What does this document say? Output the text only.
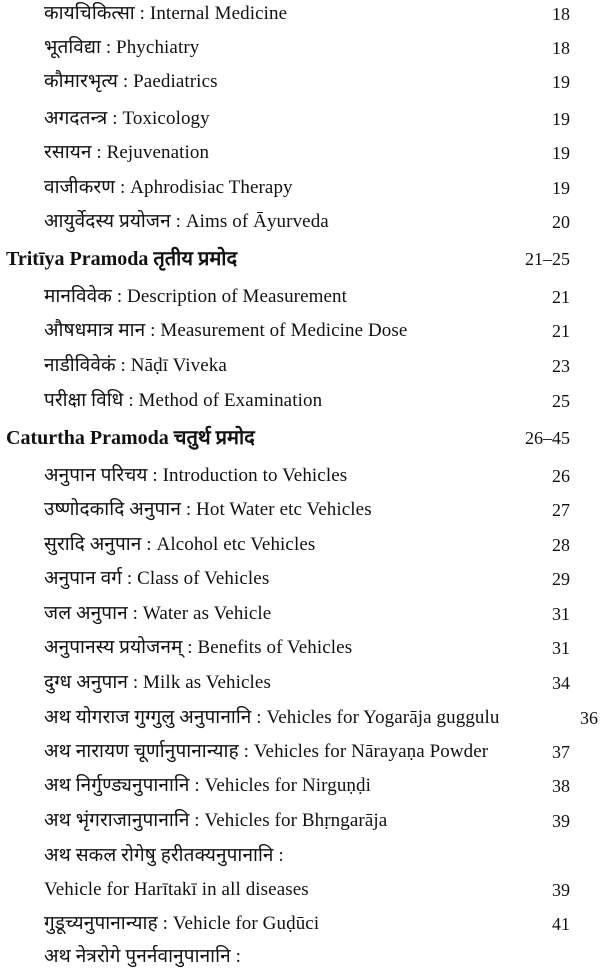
कायचिकित्सा : Internal Medicine	18
भूतविद्या : Phychiatry	18
कौमारभृत्य : Paediatrics	19
अगदतन्त्र : Toxicology	19
रसायन : Rejuvenation	19
वाजीकरण : Aphrodisiac Therapy	19
आयुर्वेदस्य प्रयोजन : Aims of Āyurveda	20
Tritīya Pramoda तृतीय प्रमोद	21–25
मानविवेक : Description of Measurement	21
औषधमात्र मान : Measurement of Medicine Dose	21
नाडीविवेकं : Nāḍī Viveka	23
परीक्षा विधि : Method of Examination	25
Caturtha Pramoda चतुर्थ प्रमोद	26–45
अनुपान परिचय : Introduction to Vehicles	26
उष्णोदकादि अनुपान : Hot Water etc Vehicles	27
सुरादि अनुपान : Alcohol etc Vehicles	28
अनुपान वर्ग : Class of Vehicles	29
जल अनुपान : Water as Vehicle	31
अनुपानस्य प्रयोजनम् : Benefits of Vehicles	31
दुग्ध अनुपान : Milk as Vehicles	34
अथ योगराज गुग्गुलु अनुपानानि : Vehicles for Yogarāja guggulu	36
अथ नारायण चूर्णानुपानान्याह : Vehicles for Nārayaṇa Powder	37
अथ निर्गुण्ड्यनुपानानि : Vehicles for Nirguṇḍi	38
अथ भृंगराजानुपानानि : Vehicles for Bhṛngarāja	39
अथ सकल रोगेषु हरीतक्यनुपानानि :
Vehicle for Harītakī in all diseases	39
गुडूच्यनुपानान्याह : Vehicle for Guḍūci	41
अथ नेत्ररोगे पुनर्नवानुपानानि :
